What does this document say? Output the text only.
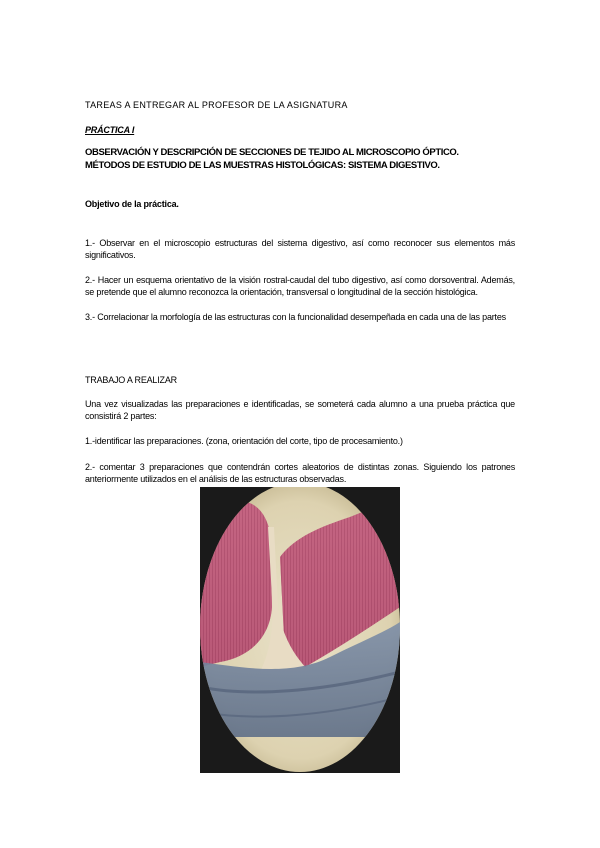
TAREAS A ENTREGAR AL PROFESOR DE LA ASIGNATURA
PRÁCTICA I
OBSERVACIÓN Y DESCRIPCIÓN DE SECCIONES DE TEJIDO AL MICROSCOPIO ÓPTICO.
MÉTODOS DE ESTUDIO DE LAS MUESTRAS HISTOLÓGICAS: SISTEMA DIGESTIVO.
Objetivo de la práctica.
1.- Observar en el microscopio estructuras del sistema digestivo, así como reconocer sus elementos más significativos.
2.- Hacer un esquema orientativo de la visión rostral-caudal del tubo digestivo, así como dorsoventral. Además, se pretende que el alumno reconozca la orientación, transversal o longitudinal de la sección histológica.
3.- Correlacionar la morfología de las estructuras con la funcionalidad desempeñada en cada una de las partes
TRABAJO A REALIZAR
Una vez visualizadas las preparaciones e identificadas, se someterá cada alumno a una prueba práctica que consistirá 2 partes:
1.-identificar las preparaciones. (zona, orientación del corte, tipo de procesamiento.)
2.- comentar 3 preparaciones que contendrán cortes aleatorios de distintas zonas. Siguiendo los patrones anteriormente utilizados en el análisis de las estructuras observadas.
